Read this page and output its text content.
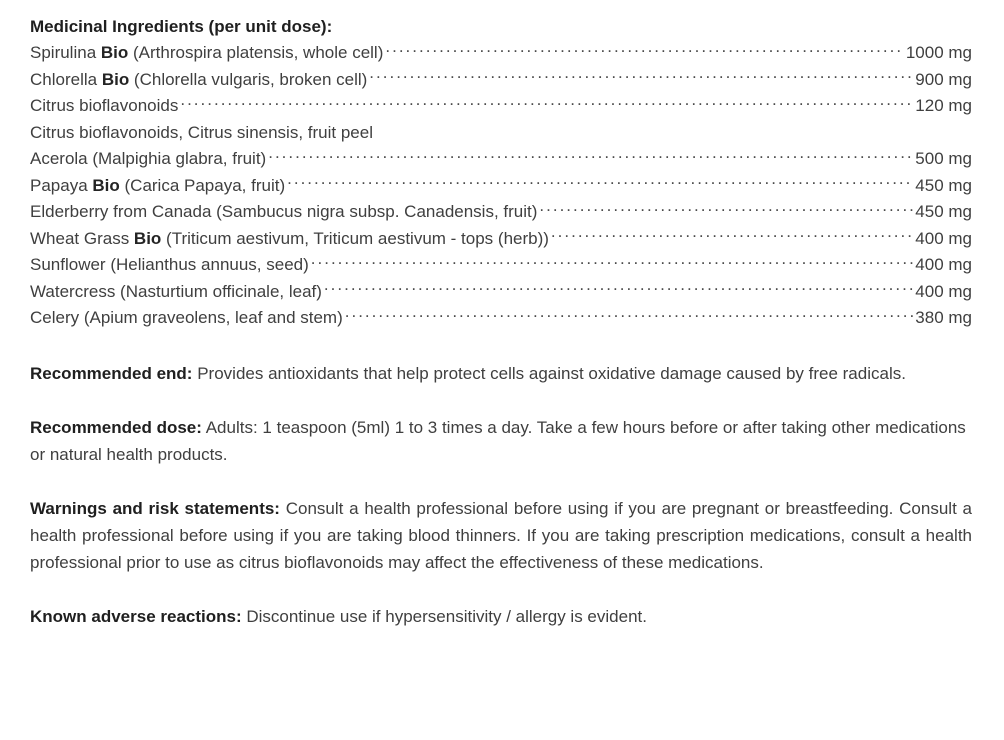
Medicinal Ingredients (per unit dose):
Spirulina Bio (Arthrospira platensis, whole cell) .....	1000 mg
Chlorella Bio (Chlorella vulgaris, broken cell) .....	900 mg
Citrus bioflavonoids .....	120 mg
Citrus bioflavonoids, Citrus sinensis, fruit peel
Acerola (Malpighia glabra, fruit) .....	500 mg
Papaya Bio (Carica Papaya, fruit) .....	450 mg
Elderberry from Canada (Sambucus nigra subsp. Canadensis, fruit) .....	450 mg
Wheat Grass Bio (Triticum aestivum, Triticum aestivum - tops (herb)) .....	400 mg
Sunflower (Helianthus annuus, seed) .....	400 mg
Watercress (Nasturtium officinale, leaf) .....	400 mg
Celery (Apium graveolens, leaf and stem) .....	380 mg

Recommended end: Provides antioxidants that help protect cells against oxidative damage caused by free radicals.

Recommended dose: Adults: 1 teaspoon (5ml) 1 to 3 times a day. Take a few hours before or after taking other medications or natural health products.

Warnings and risk statements: Consult a health professional before using if you are pregnant or breastfeeding. Consult a health professional before using if you are taking blood thinners. If you are taking prescription medications, consult a health professional prior to use as citrus bioflavonoids may affect the effectiveness of these medications.

Known adverse reactions: Discontinue use if hypersensitivity / allergy is evident.
